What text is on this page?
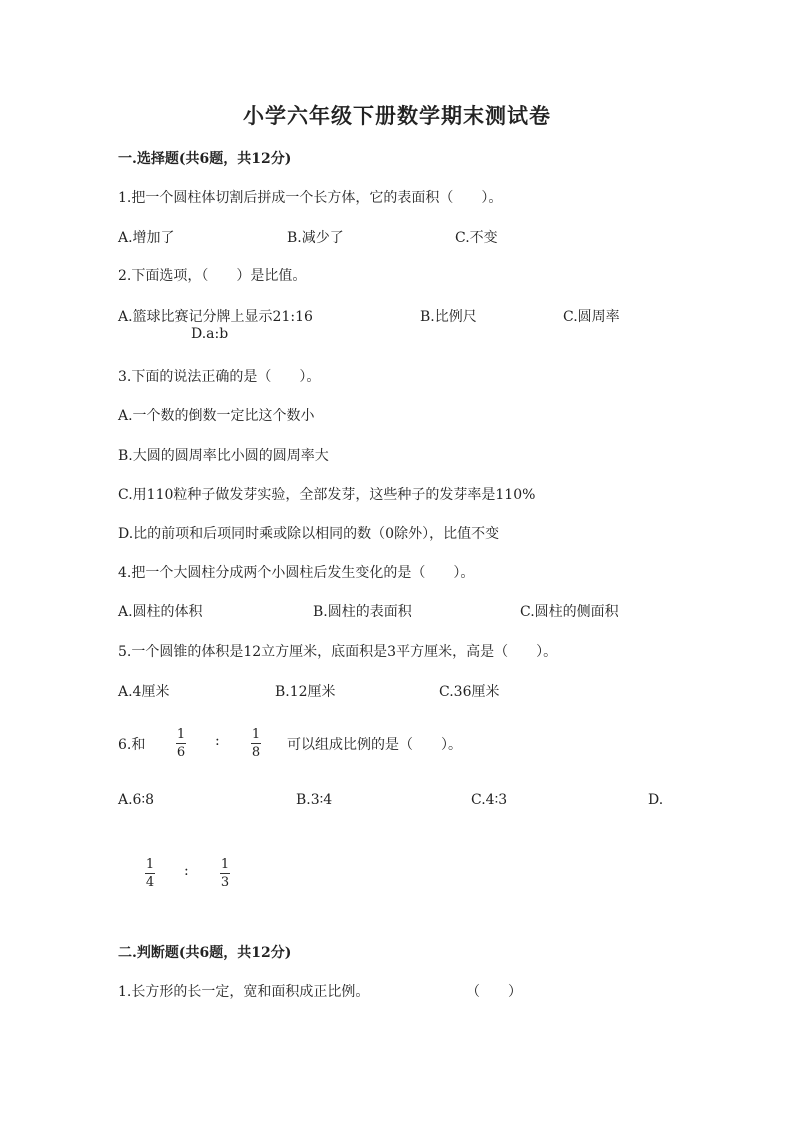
小学六年级下册数学期末测试卷
一.选择题(共6题，共12分)
1.把一个圆柱体切割后拼成一个长方体，它的表面积（　　）。
A.增加了	B.减少了	C.不变
2.下面选项，（　　）是比值。
A.篮球比赛记分牌上显示21:16	B.比例尺	C.圆周率
D.a:b
3.下面的说法正确的是（　　）。
A.一个数的倒数一定比这个数小
B.大圆的圆周率比小圆的圆周率大
C.用110粒种子做发芽实验，全部发芽，这些种子的发芽率是110%
D.比的前项和后项同时乘或除以相同的数（0除外），比值不变
4.把一个大圆柱分成两个小圆柱后发生变化的是（　　）。
A.圆柱的体积	B.圆柱的表面积	C.圆柱的侧面积
5.一个圆锥的体积是12立方厘米，底面积是3平方厘米，高是（　　）。
A.4厘米	B.12厘米	C.36厘米
6.和
1
6
: 1
8 可以组成比例的是（　　）。
A.6∶8	B.3∶4	C.4∶3	D.
1
4
: 1
3
二.判断题(共6题，共12分)
1.长方形的长一定，宽和面积成正比例。	（　　）
